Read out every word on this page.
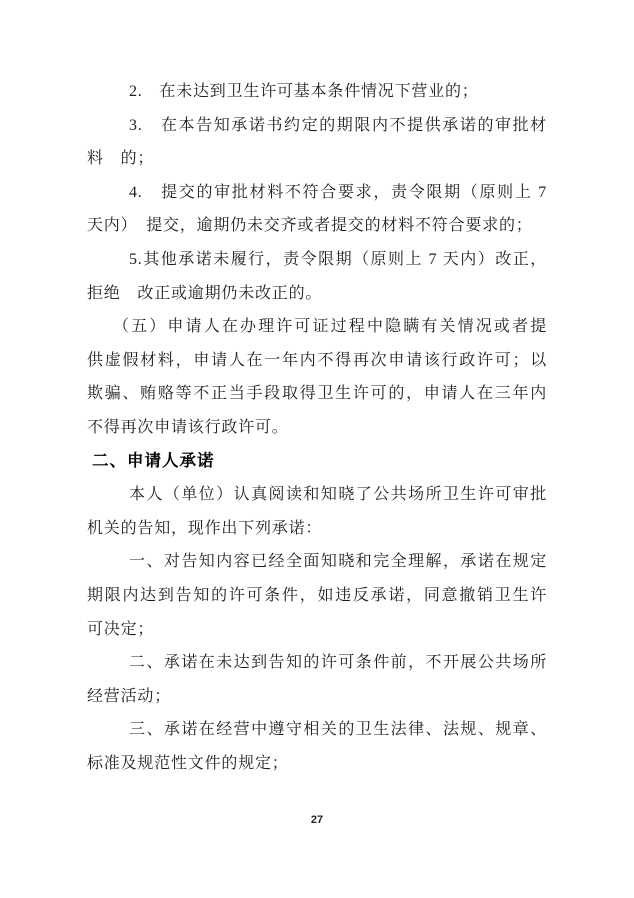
2.　在未达到卫生许可基本条件情况下营业的；
3.　在本告知承诺书约定的期限内不提供承诺的审批材
料　的；
4.　提交的审批材料不符合要求，责令限期（原则上 7
天内）　提交，逾期仍未交齐或者提交的材料不符合要求的；
5.其他承诺未履行，责令限期（原则上 7 天内）改正，
拒绝　改正或逾期仍未改正的。
（五）申请人在办理许可证过程中隐瞒有关情况或者提
供虚假材料，申请人在一年内不得再次申请该行政许可；以
欺骗、贿赂等不正当手段取得卫生许可的，申请人在三年内
不得再次申请该行政许可。
二、申请人承诺
本人（单位）认真阅读和知晓了公共场所卫生许可审批
机关的告知，现作出下列承诺：
一、对告知内容已经全面知晓和完全理解，承诺在规定
期限内达到告知的许可条件，如违反承诺，同意撤销卫生许
可决定；
二、承诺在未达到告知的许可条件前，不开展公共场所
经营活动；
三、承诺在经营中遵守相关的卫生法律、法规、规章、
标准及规范性文件的规定；
27
